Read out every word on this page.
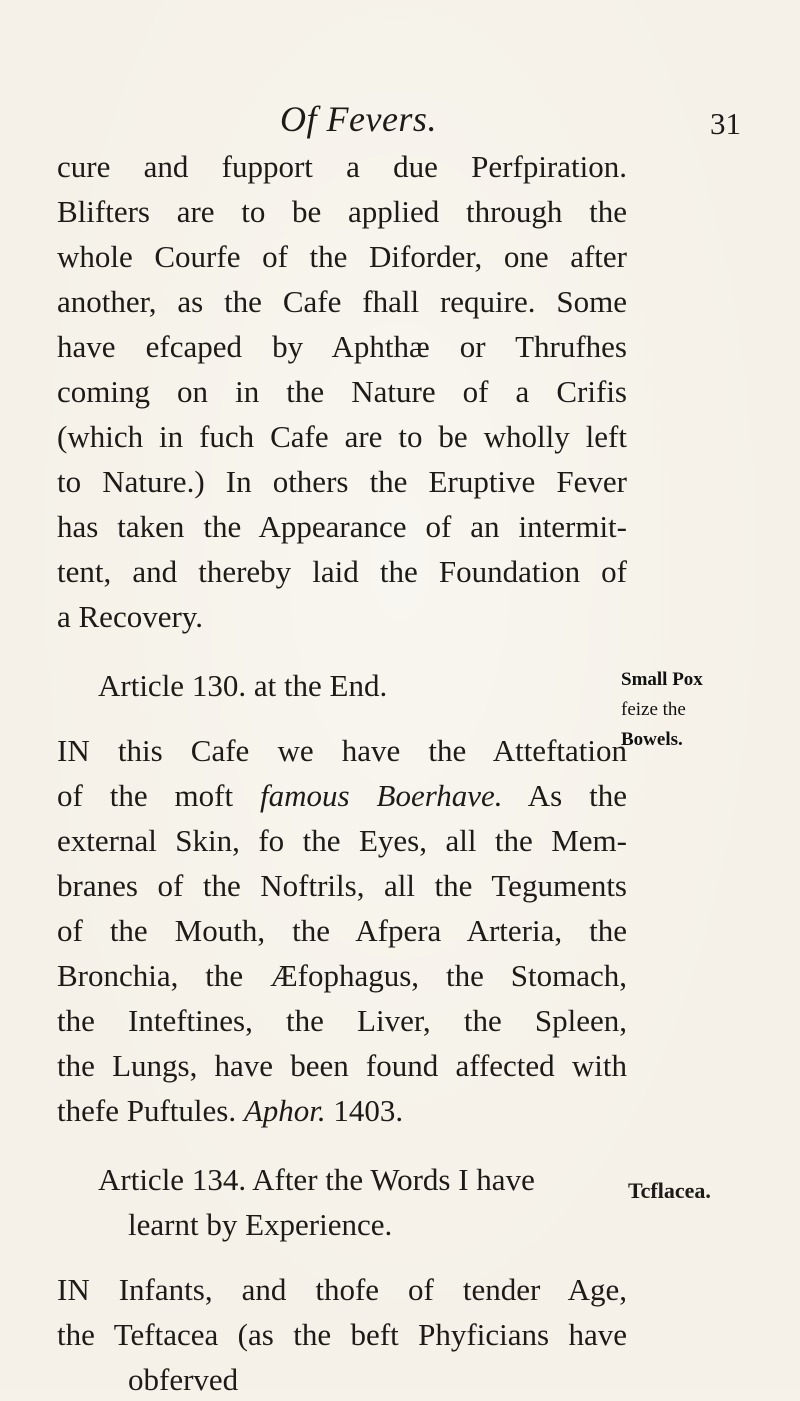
Of Fevers.	31
cure and fupport a due Perfpiration.
Blifters are to be applied through the
whole Courfe of the Diforder, one after
another, as the Cafe fhall require. Some
have efcaped by Aphthæ or Thrufhes
coming on in the Nature of a Crifis
(which in fuch Cafe are to be wholly left
to Nature.) In others the Eruptive Fever
has taken the Appearance of an intermit-
tent, and thereby laid the Foundation of
a Recovery.
Article 130. at the End.
IN this Cafe we have the Atteftation
of the moft famous Boerhave. As the
external Skin, fo the Eyes, all the Mem-
branes of the Noftrils, all the Teguments
of the Mouth, the Afpera Arteria, the
Bronchia, the Æfophagus, the Stomach,
the Inteftines, the Liver, the Spleen,
the Lungs, have been found affected with
thefe Puftules. Aphor. 1403.
Article 134. After the Words I have
learnt by Experience.
IN Infants, and thofe of tender Age,
the Teftacea (as the beft Phyficians have
obferved
Small Pox
feize the
Bowels.
Tcflacea.
